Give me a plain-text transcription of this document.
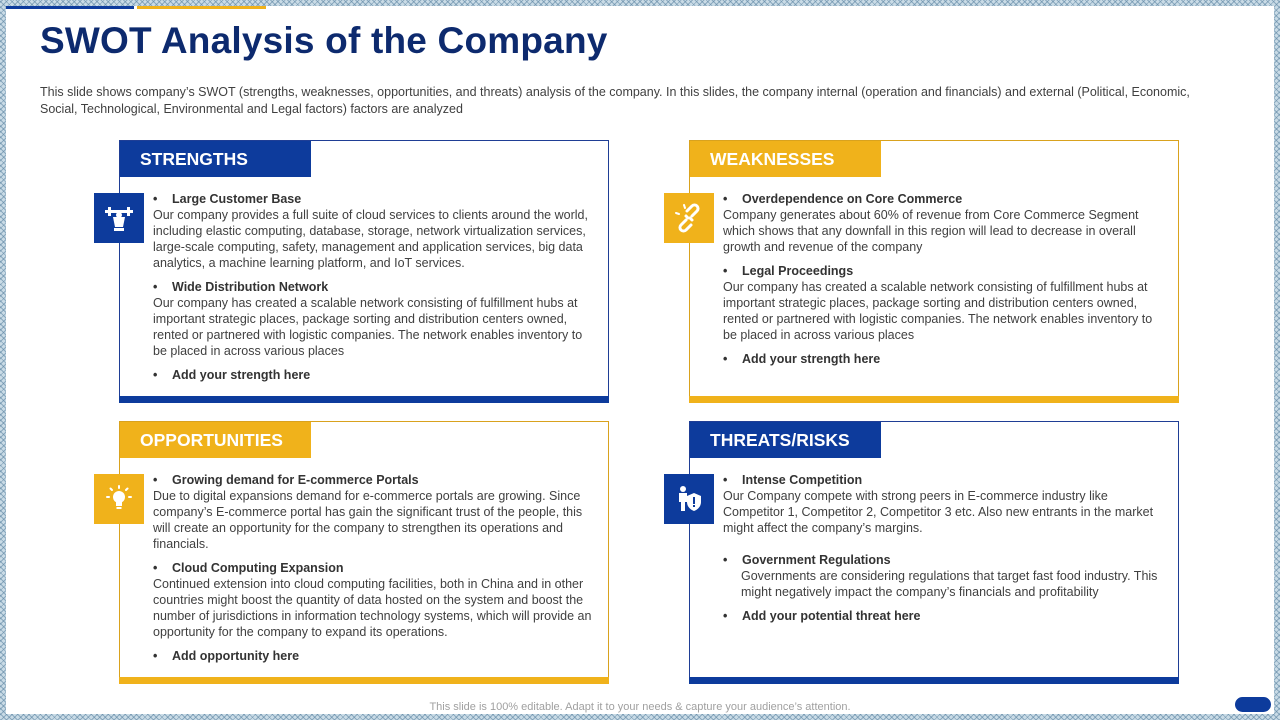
SWOT Analysis of the Company
This slide shows company’s SWOT (strengths, weaknesses, opportunities, and threats) analysis of the company. In this slides, the company internal (operation and financials) and external (Political, Economic, Social, Technological, Environmental and Legal factors) factors are analyzed
STRENGTHS
• Large Customer Base
Our company provides a full suite of cloud services to clients around the world, including elastic computing, database, storage, network virtualization services, large-scale computing, safety, management and application services, big data analytics, a machine learning platform, and IoT services.
• Wide Distribution Network
Our company has created a scalable network consisting of fulfillment hubs at important strategic places, package sorting and distribution centers owned, rented or partnered with logistic companies. The network enables inventory to be placed in across various places
• Add your strength here
WEAKNESSES
• Overdependence on Core Commerce
Company generates about 60% of revenue from Core Commerce Segment which shows that any downfall in this region will lead to decrease in overall growth and revenue of the company
• Legal Proceedings
Our company has created a scalable network consisting of fulfillment hubs at important strategic places, package sorting and distribution centers owned, rented or partnered with logistic companies. The network enables inventory to be placed in across various places
• Add your strength here
OPPORTUNITIES
• Growing demand for E-commerce Portals
Due to digital expansions demand for e-commerce portals are growing. Since company’s E-commerce portal has gain the significant trust of the people, this will create an opportunity for the company to strengthen its operations and financials.
• Cloud Computing Expansion
Continued extension into cloud computing facilities, both in China and in other countries might boost the quantity of data hosted on the system and boost the number of jurisdictions in information technology systems, which will provide an opportunity for the company to expand its operations.
• Add opportunity here
THREATS/RISKS
• Intense Competition
Our Company compete with strong peers in E-commerce industry like Competitor 1, Competitor 2, Competitor 3 etc. Also new entrants in the market might affect the company’s margins.
• Government Regulations
Governments are considering regulations that target fast food industry. This might negatively impact the company’s financials and profitability
• Add your potential threat here
This slide is 100% editable. Adapt it to your needs & capture your audience’s attention.
